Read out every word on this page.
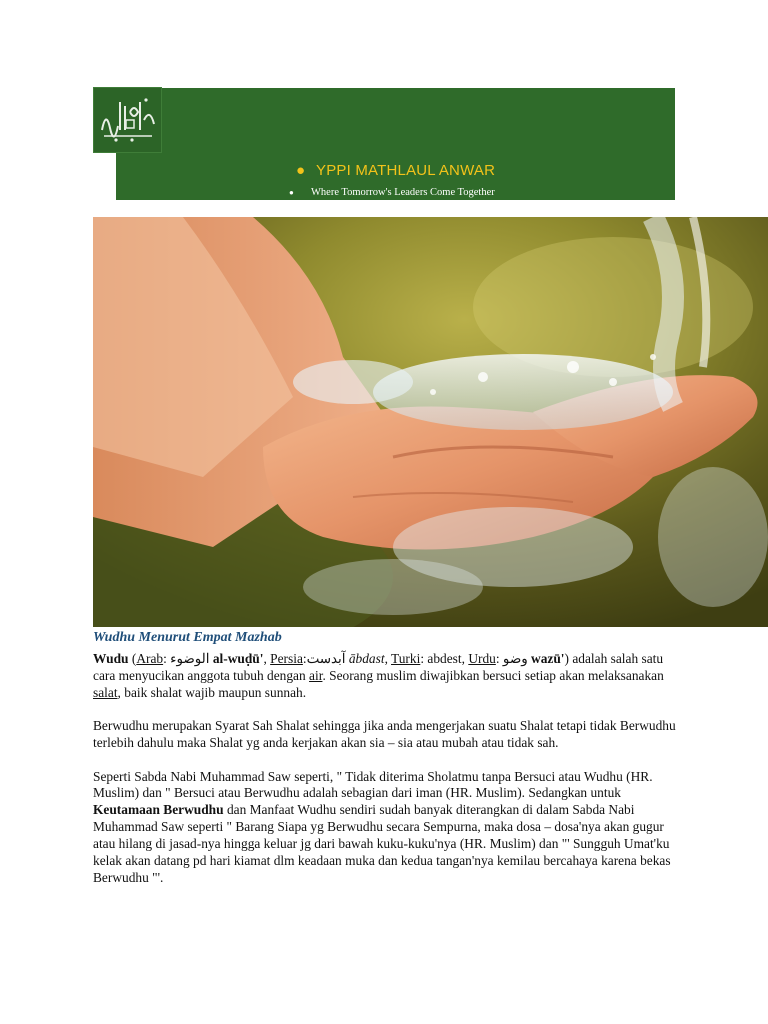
● YPPI MATHLAUL ANWAR
● Where Tomorrow's Leaders Come Together
Wudhu Menurut Empat Mazhab

Wudu (Arab: الوضوء al-wuḍū', Persia:آبدست ābdast, Turki: abdest, Urdu: وضو wazū') adalah salah satu cara menyucikan anggota tubuh dengan air. Seorang muslim diwajibkan bersuci setiap akan melaksanakan salat, baik shalat wajib maupun sunnah.

Berwudhu merupakan Syarat Sah Shalat sehingga jika anda mengerjakan suatu Shalat tetapi tidak Berwudhu terlebih dahulu maka Shalat yg anda kerjakan akan sia – sia atau mubah atau tidak sah.

Seperti Sabda Nabi Muhammad Saw seperti, " Tidak diterima Sholatmu tanpa Bersuci atau Wudhu (HR. Muslim) dan " Bersuci atau Berwudhu adalah sebagian dari iman (HR. Muslim). Sedangkan untuk Keutamaan Berwudhu dan Manfaat Wudhu sendiri sudah banyak diterangkan di dalam Sabda Nabi Muhammad Saw seperti " Barang Siapa yg Berwudhu secara Sempurna, maka dosa – dosa'nya akan gugur atau hilang di jasad-nya hingga keluar jg dari bawah kuku-kuku'nya (HR. Muslim) dan "' Sungguh Umat'ku kelak akan datang pd hari kiamat dlm keadaan muka dan kedua tangan'nya kemilau bercahaya karena bekas Berwudhu "'.
